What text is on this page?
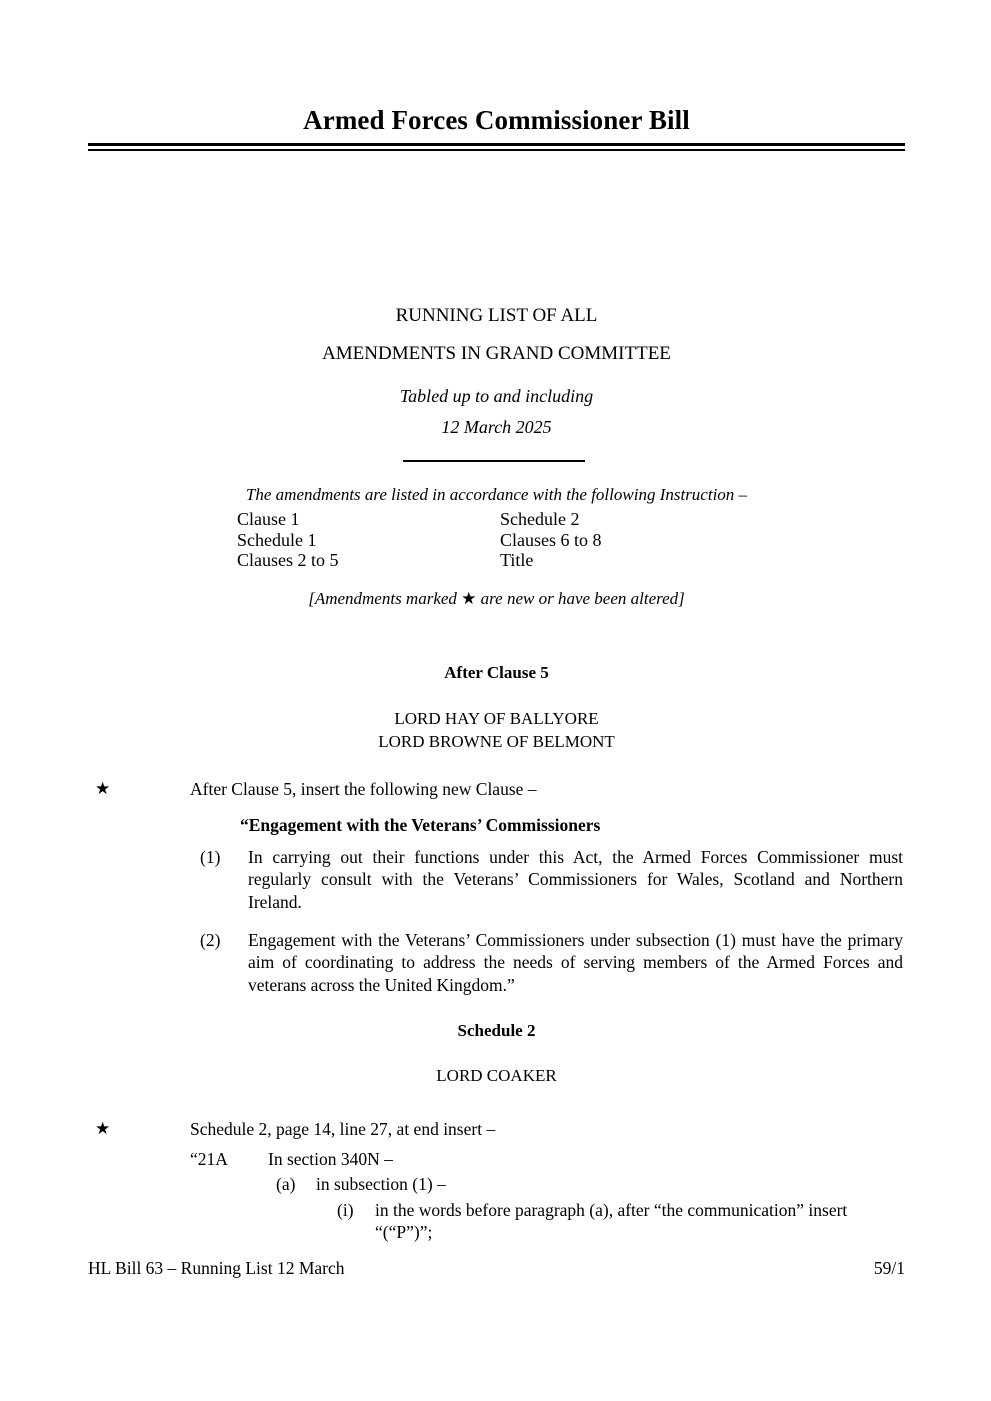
Armed Forces Commissioner Bill
RUNNING LIST OF ALL
AMENDMENTS IN GRAND COMMITTEE
Tabled up to and including
12 March 2025
The amendments are listed in accordance with the following Instruction –
Clause 1	Schedule 2
Schedule 1	Clauses 6 to 8
Clauses 2 to 5	Title
[Amendments marked ★ are new or have been altered]
After Clause 5
LORD HAY OF BALLYORE
LORD BROWNE OF BELMONT
★	After Clause 5, insert the following new Clause –
“Engagement with the Veterans’ Commissioners
(1)	In carrying out their functions under this Act, the Armed Forces Commissioner must regularly consult with the Veterans’ Commissioners for Wales, Scotland and Northern Ireland.
(2)	Engagement with the Veterans’ Commissioners under subsection (1) must have the primary aim of coordinating to address the needs of serving members of the Armed Forces and veterans across the United Kingdom.”
Schedule 2
LORD COAKER
★	Schedule 2, page 14, line 27, at end insert –
“21A	In section 340N –
(a)	in subsection (1) –
(i)	in the words before paragraph (a), after “the communication” insert “(“P”)”;
HL Bill 63 – Running List 12 March	59/1
